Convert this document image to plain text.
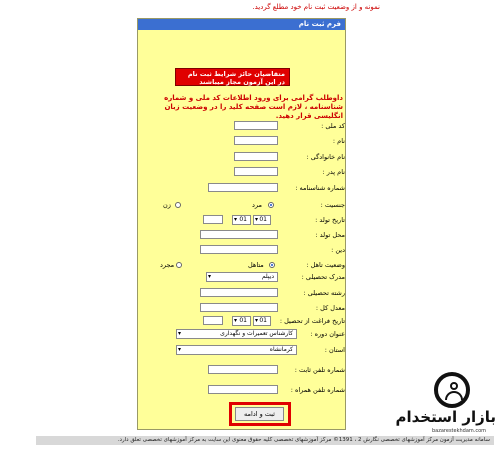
نمونه و از وضعیت ثبت نام خود مطلع گردید.
فرم ثبت نام
متقاضیان حائز شرایط ثبت نام در این آزمون مجاز میباشند
داوطلب گرامی برای ورود اطلاعات کد ملی و شماره شناسنامه ، لازم است صفحه کلید را در وضعیت زبان انگلیسی قرار دهید.
کد ملی :
نام :
نام خانوادگی :
نام پدر :
شماره شناسنامه :
جنسیت :
مرد
زن
تاریخ تولد :
▾ 01
▾ 01
محل تولد :
دین :
وضعیت تاهل :
متاهل
مجرد
مدرک تحصیلی :
▾	دیپلم
رشته تحصیلی :
معدل کل :
تاریخ فراغت از تحصیل :
▾ 01
▾ 01
عنوان دوره :
▾	کارشناس تعمیرات و نگهداری
استان :
▾	کرمانشاه
شماره تلفن ثابت :
شماره تلفن همراه :
ثبت و ادامه
سامانه مدیریت آزمون مرکز آموزشهای تخصصی نگارش 2 ، 1391© مرکز آموزشهای تخصصی کلیه حقوق معنوی این سایت به مرکز آموزشهای تخصصی تعلق دارد.
بازار استخدام
bazarestekhdam.com
